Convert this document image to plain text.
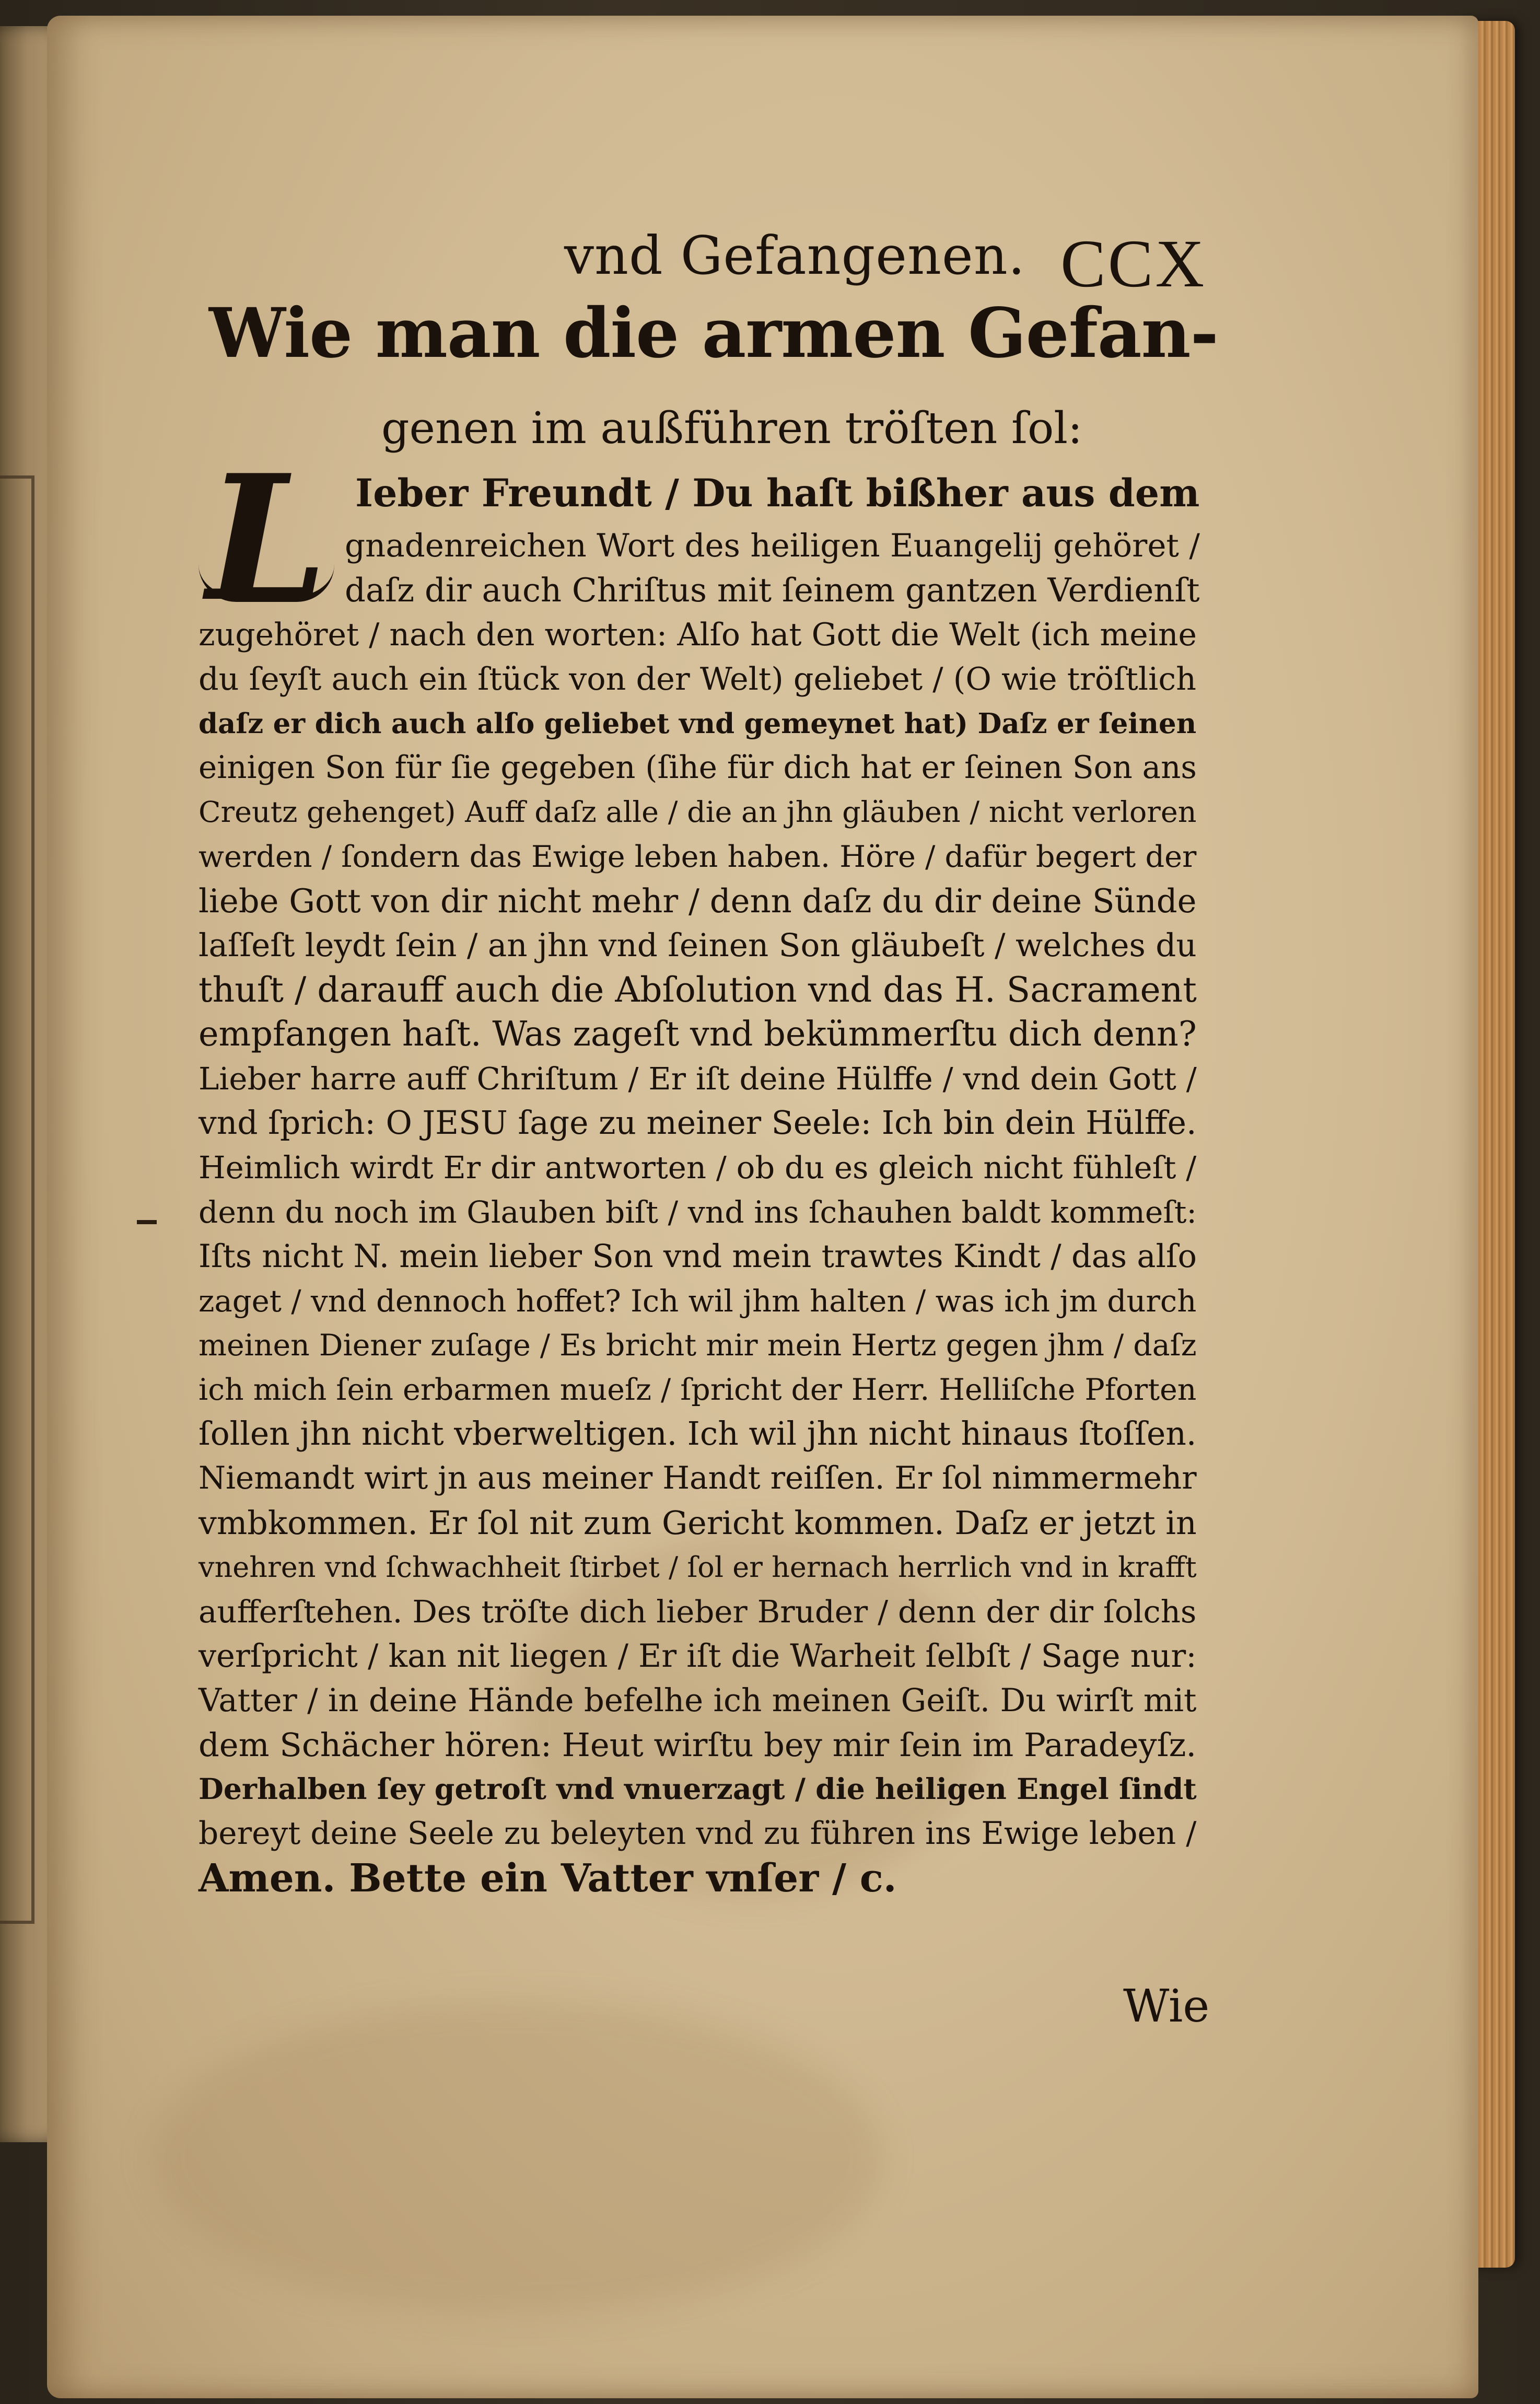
vnd Gefangenen. CCX
Wie man die armen Gefan-
genen im außführen tröſten ſol:
L Ieber Freundt / Du haſt bißher aus dem
gnadenreichen Wort des heiligen Euangelij gehöret /
daſz dir auch Chriſtus mit ſeinem gantzen Verdienſt
zugehöret / nach den worten: Alſo hat Gott die Welt (ich meine
du ſeyſt auch ein ſtück von der Welt) geliebet / (O wie tröſtlich
daſz er dich auch alſo geliebet vnd gemeynet hat) Daſz er ſeinen
einigen Son für ſie gegeben (ſihe für dich hat er ſeinen Son ans
Creutz gehenget) Auff daſz alle / die an jhn gläuben / nicht verloren
werden / ſondern das Ewige leben haben. Höre / dafür begert der
liebe Gott von dir nicht mehr / denn daſz du dir deine Sünde
laſſeſt leydt ſein / an jhn vnd ſeinen Son gläubeſt / welches du
thuſt / darauff auch die Abſolution vnd das H. Sacrament
empfangen haſt. Was zageſt vnd bekümmerſtu dich denn?
Lieber harre auff Chriſtum / Er iſt deine Hülffe / vnd dein Gott /
vnd ſprich: O JESU ſage zu meiner Seele: Ich bin dein Hülffe.
Heimlich wirdt Er dir antworten / ob du es gleich nicht fühleſt /
denn du noch im Glauben biſt / vnd ins ſchauhen baldt kommeſt:
Iſts nicht N. mein lieber Son vnd mein trawtes Kindt / das alſo
zaget / vnd dennoch hoffet? Ich wil jhm halten / was ich jm durch
meinen Diener zuſage / Es bricht mir mein Hertz gegen jhm / daſz
ich mich ſein erbarmen mueſz / ſpricht der Herr. Helliſche Pforten
ſollen jhn nicht vberweltigen. Ich wil jhn nicht hinaus ſtoſſen.
Niemandt wirt jn aus meiner Handt reiſſen. Er ſol nimmermehr
vmbkommen. Er ſol nit zum Gericht kommen. Daſz er jetzt in
vnehren vnd ſchwachheit ſtirbet / ſol er hernach herrlich vnd in krafft
aufferſtehen. Des tröſte dich lieber Bruder / denn der dir ſolchs
verſpricht / kan nit liegen / Er iſt die Warheit ſelbſt / Sage nur:
Vatter / in deine Hände befelhe ich meinen Geiſt. Du wirſt mit
dem Schächer hören: Heut wirſtu bey mir ſein im Paradeyſz.
Derhalben ſey getroſt vnd vnuerzagt / die heiligen Engel ſindt
bereyt deine Seele zu beleyten vnd zu führen ins Ewige leben /
Amen. Bette ein Vatter vnſer / c.
Wie
